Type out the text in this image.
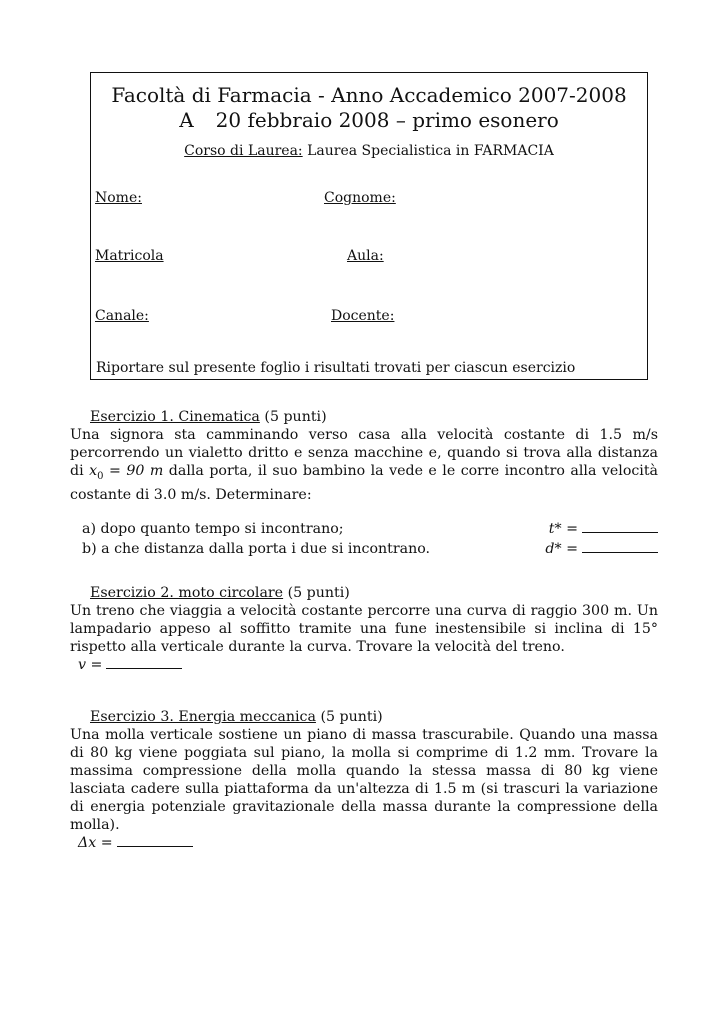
Facoltà di Farmacia - Anno Accademico 2007-2008
A 20 febbraio 2008 – primo esonero
Corso di Laurea: Laurea Specialistica in FARMACIA
Nome:	Cognome:
Matricola	Aula:
Canale:	Docente:
Riportare sul presente foglio i risultati trovati per ciascun esercizio
Esercizio 1. Cinematica (5 punti)
Una signora sta camminando verso casa alla velocità costante di 1.5 m/s percorrendo un vialetto dritto e senza macchine e, quando si trova alla distanza di $x_0 = 90$ m dalla porta, il suo bambino la vede e le corre incontro alla velocità costante di 3.0 m/s. Determinare:
a) dopo quanto tempo si incontrano;	t* =
b) a che distanza dalla porta i due si incontrano.	d* =
Esercizio 2. moto circolare (5 punti)
Un treno che viaggia a velocità costante percorre una curva di raggio 300 m. Un lampadario appeso al soffitto tramite una fune inestensibile si inclina di 15° rispetto alla verticale durante la curva. Trovare la velocità del treno.
v =
Esercizio 3. Energia meccanica (5 punti)
Una molla verticale sostiene un piano di massa trascurabile. Quando una massa di 80 kg viene poggiata sul piano, la molla si comprime di 1.2 mm. Trovare la massima compressione della molla quando la stessa massa di 80 kg viene lasciata cadere sulla piattaforma da un'altezza di 1.5 m (si trascuri la variazione di energia potenziale gravitazionale della massa durante la compressione della molla).
Δx =
